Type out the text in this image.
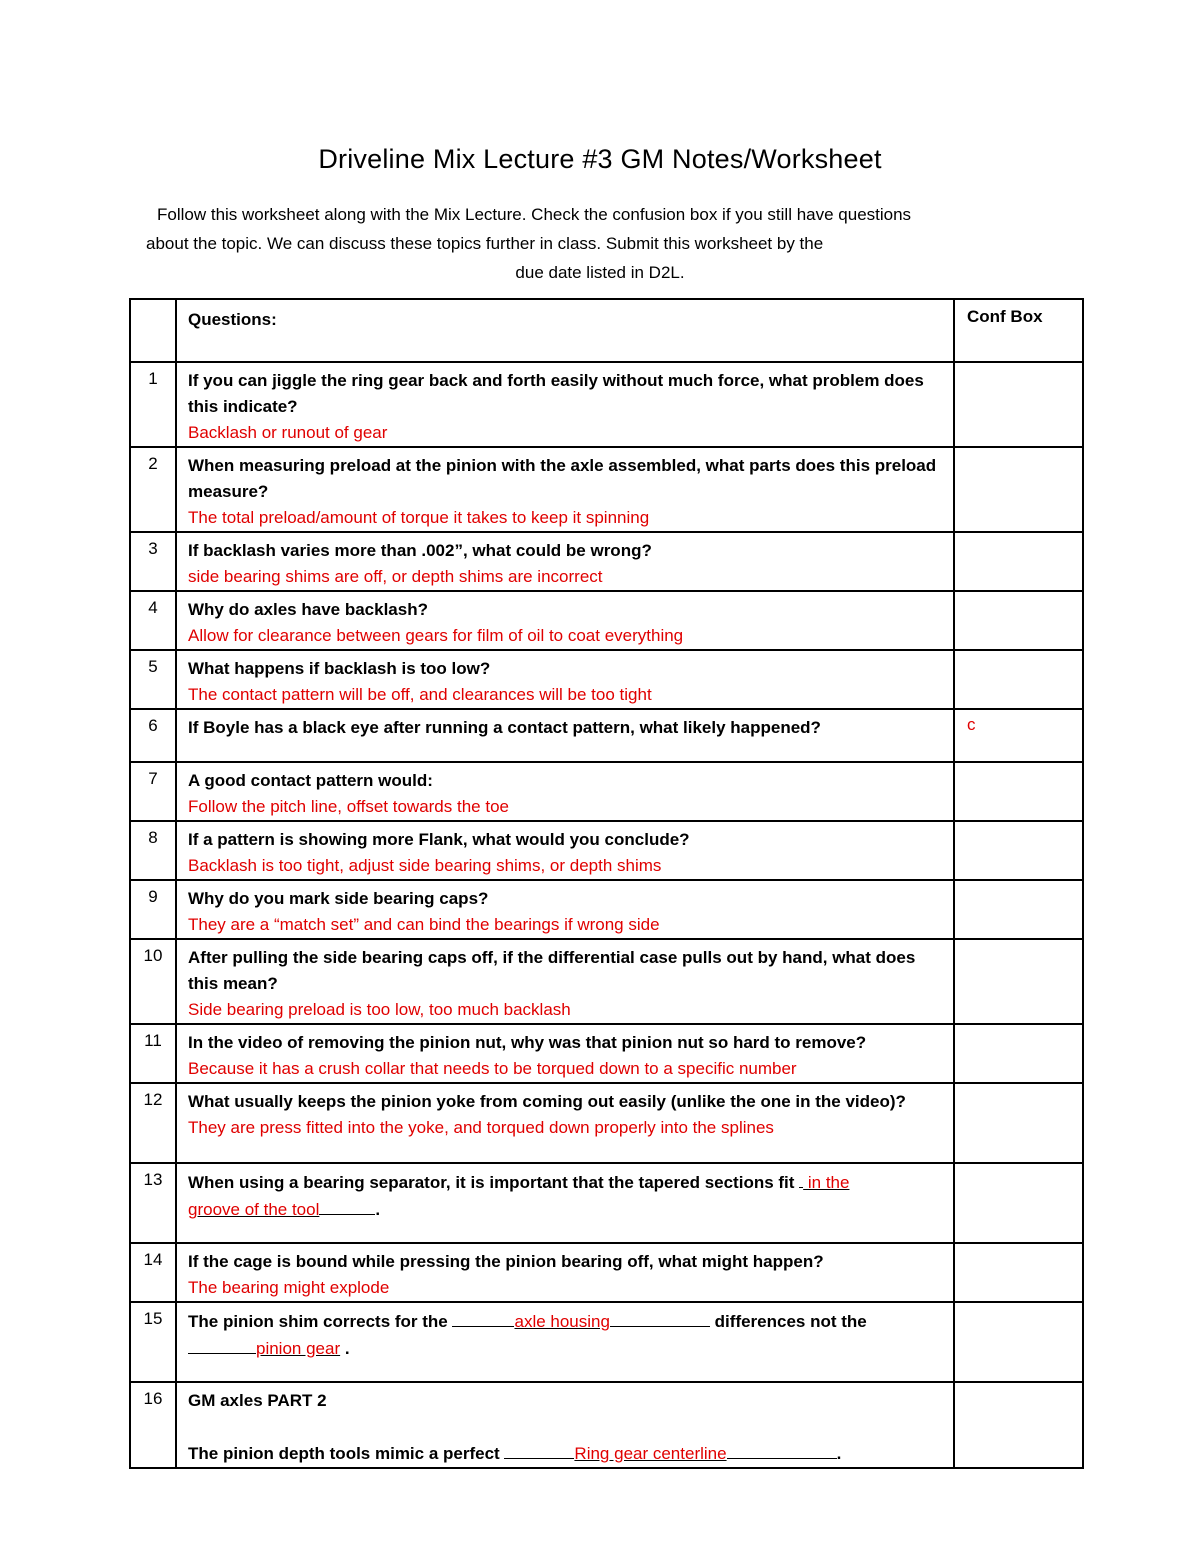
Driveline Mix Lecture #3 GM Notes/Worksheet
Follow this worksheet along with the Mix Lecture. Check the confusion box if you still have questions
about the topic. We can discuss these topics further in class. Submit this worksheet by the
due date listed in D2L.
	Questions:	Conf Box
1	If you can jiggle the ring gear back and forth easily without much force, what problem does this indicate?
Backlash or runout of gear	

2	When measuring preload at the pinion with the axle assembled, what parts does this preload measure?
The total preload/amount of torque it takes to keep it spinning	

3	If backlash varies more than .002”, what could be wrong?
side bearing shims are off, or depth shims are incorrect	

4	Why do axles have backlash?
Allow for clearance between gears for film of oil to coat everything	

5	What happens if backlash is too low?
The contact pattern will be off, and clearances will be too tight	

6	If Boyle has a black eye after running a contact pattern, what likely happened?	c
7	A good contact pattern would:
Follow the pitch line, offset towards the toe	

8	If a pattern is showing more Flank, what would you conclude?
Backlash is too tight, adjust side bearing shims, or depth shims	

9	Why do you mark side bearing caps?
They are a “match set” and can bind the bearings if wrong side	

10	After pulling the side bearing caps off, if the differential case pulls out by hand, what does this mean?
Side bearing preload is too low, too much backlash	

11	In the video of removing the pinion nut, why was that pinion nut so hard to remove?
Because it has a crush collar that needs to be torqued down to a specific number	

12	What usually keeps the pinion yoke from coming out easily (unlike the one in the video)?
They are press fitted into the yoke, and torqued down properly into the splines	

13	When using a bearing separator, it is important that the tapered sections fit  in the
groove of the tool .	

14	If the cage is bound while pressing the pinion bearing off, what might happen?
The bearing might explode	

15	The pinion shim corrects for the axle housing differences not the
pinion gear .	

16	GM axles PART 2
The pinion depth tools mimic a perfect Ring gear centerline .	
